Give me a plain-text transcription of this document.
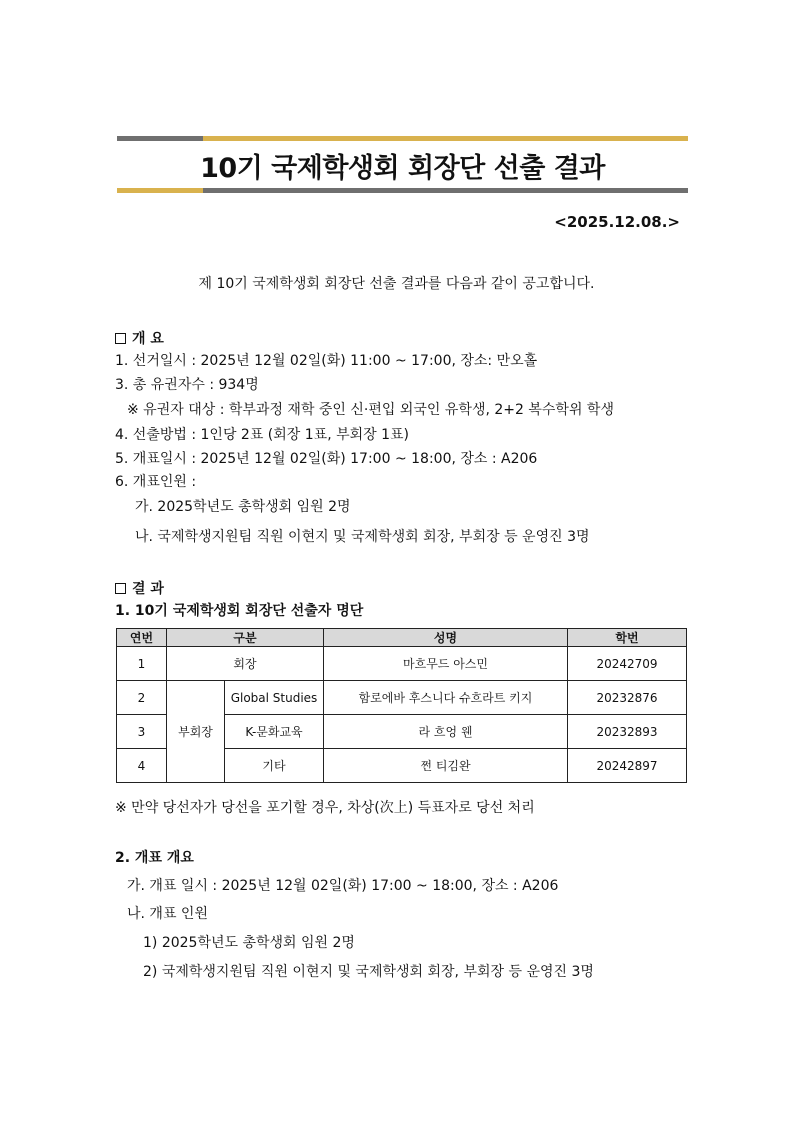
10기 국제학생회 회장단 선출 결과
<2025.12.08.>
제 10기 국제학생회 회장단 선출 결과를 다음과 같이 공고합니다.
개 요
1. 선거일시 : 2025년 12월 02일(화) 11:00 ~ 17:00, 장소: 만오홀
3. 총 유권자수 : 934명
※ 유권자 대상 : 학부과정 재학 중인 신·편입 외국인 유학생, 2+2 복수학위 학생
4. 선출방법 : 1인당 2표 (회장 1표, 부회장 1표)
5. 개표일시 : 2025년 12월 02일(화) 17:00 ~ 18:00, 장소 : A206
6. 개표인원 :
가. 2025학년도 총학생회 임원 2명
나. 국제학생지원팀 직원 이현지 및 국제학생회 회장, 부회장 등 운영진 3명
결 과
1. 10기 국제학생회 회장단 선출자 명단
연번	구분		성명	학번
1	회장		마흐무드 아스민	20242709
2	부회장	Global Studies	함로에바 후스니다 슈흐라트 키지	20232876
3		K-문화교육	라 흐엉 웬	20232893
4		기타	쩐 티김완	20242897
※ 만약 당선자가 당선을 포기할 경우, 차상(次上) 득표자로 당선 처리
2. 개표 개요
가. 개표 일시 : 2025년 12월 02일(화) 17:00 ~ 18:00, 장소 : A206
나. 개표 인원
1) 2025학년도 총학생회 임원 2명
2) 국제학생지원팀 직원 이현지 및 국제학생회 회장, 부회장 등 운영진 3명
